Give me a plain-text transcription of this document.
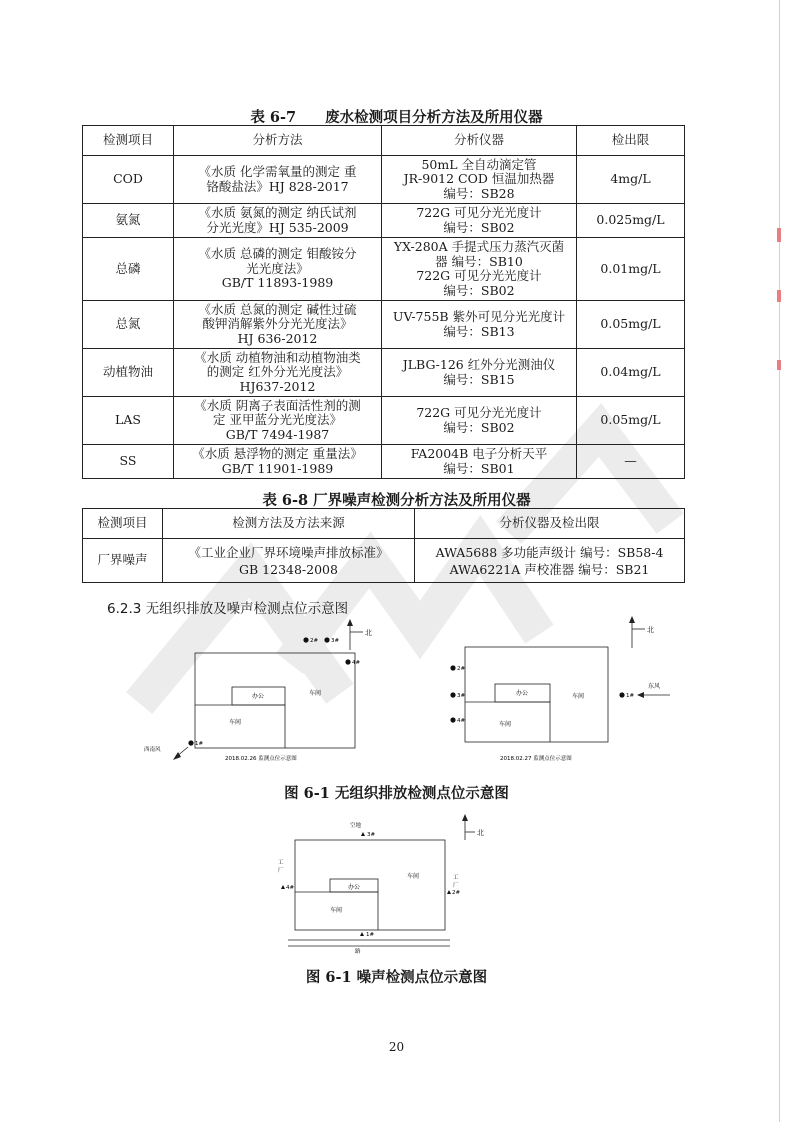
表 6-7　　废水检测项目分析方法及所用仪器
检测项目	分析方法	分析仪器	检出限
COD	《水质 化学需氧量的测定 重
铬酸盐法》HJ 828-2017	50mL 全自动滴定管
JR-9012 COD 恒温加热器
编号：SB28	4mg/L
氨氮	《水质 氨氮的测定 纳氏试剂
分光光度》HJ 535-2009	722G 可见分光光度计
编号：SB02	0.025mg/L
总磷	《水质 总磷的测定 钼酸铵分
光光度法》
GB/T 11893-1989	YX-280A 手提式压力蒸汽灭菌
器 编号：SB10
722G 可见分光光度计
编号：SB02	0.01mg/L
总氮	《水质 总氮的测定 碱性过硫
酸钾消解紫外分光光度法》
HJ 636-2012	UV-755B 紫外可见分光光度计
编号：SB13	0.05mg/L
动植物油	《水质 动植物油和动植物油类
的测定 红外分光光度法》
HJ637-2012	JLBG-126 红外分光测油仪
编号：SB15	0.04mg/L
LAS	《水质 阴离子表面活性剂的测
定 亚甲蓝分光光度法》
GB/T 7494-1987	722G 可见分光光度计
编号：SB02	0.05mg/L
SS	《水质 悬浮物的测定 重量法》
GB/T 11901-1989	FA2004B 电子分析天平
编号：SB01	—
表 6-8 厂界噪声检测分析方法及所用仪器
检测项目	检测方法及方法来源	分析仪器及检出限
厂界噪声	《工业企业厂界环境噪声排放标准》
GB 12348-2008	AWA5688 多功能声级计 编号：SB58-4
AWA6221A 声校准器 编号：SB21
6.2.3 无组织排放及噪声检测点位示意图
北
2# 3#
4#
1#
办公	车间
车间
西南风
2018.02.26 监测点位示意图
北
2#
3#
4#
1#
办公	车间
车间
东风
2018.02.27 监测点位示意图
图 6-1 无组织排放检测点位示意图
北
空地
3#
工
厂
4#
工
厂
2#
1#
办公
车间
车间
路
图 6-1 噪声检测点位示意图
20
